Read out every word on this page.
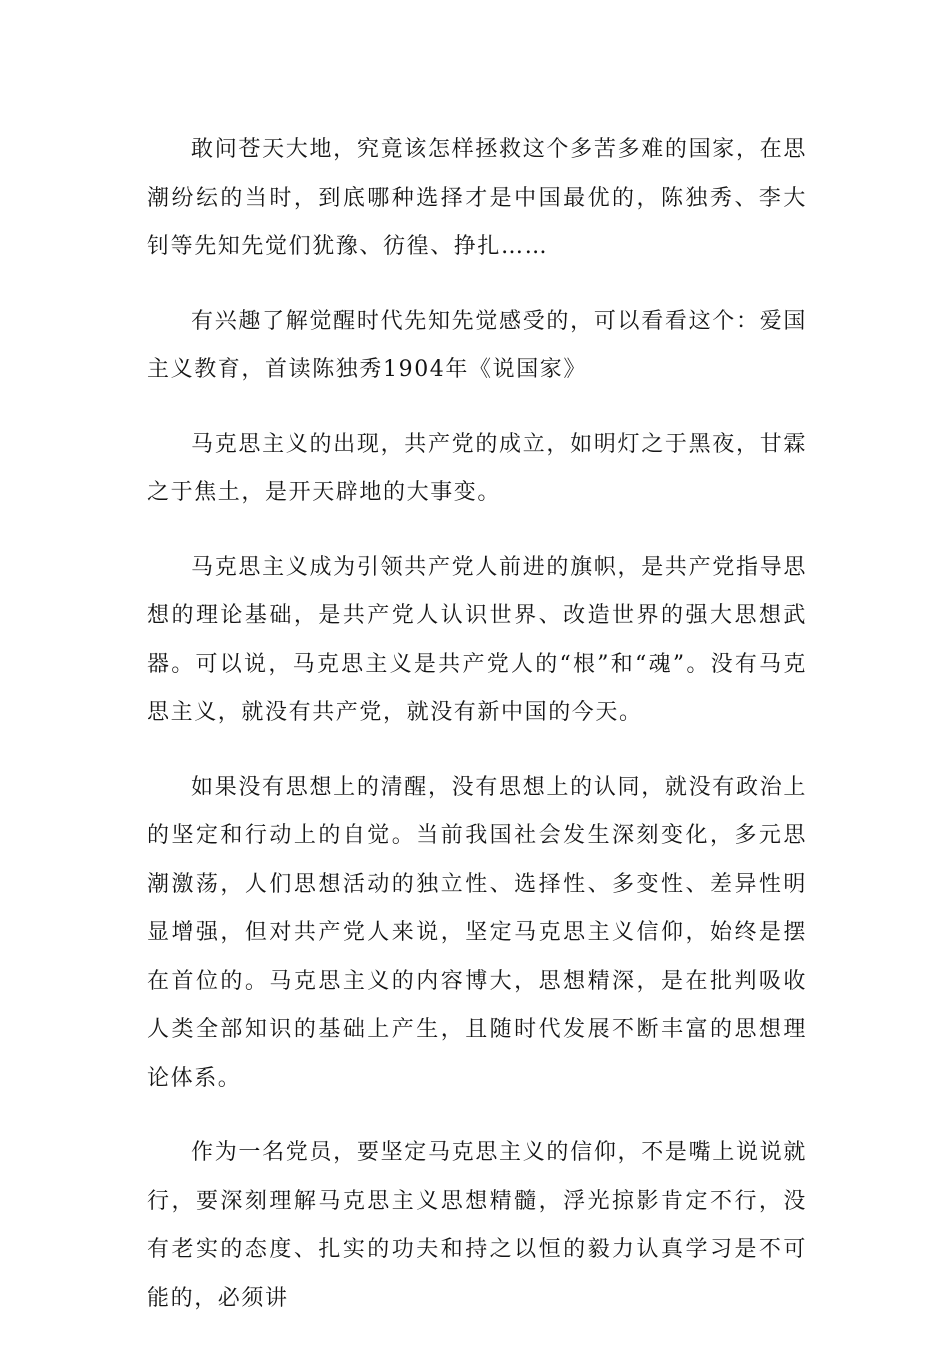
敢问苍天大地，究竟该怎样拯救这个多苦多难的国家，在思潮纷纭的当时，到底哪种选择才是中国最优的，陈独秀、李大钊等先知先觉们犹豫、彷徨、挣扎……

有兴趣了解觉醒时代先知先觉感受的，可以看看这个：爱国主义教育，首读陈独秀1904年《说国家》

马克思主义的出现，共产党的成立，如明灯之于黑夜，甘霖之于焦土，是开天辟地的大事变。

马克思主义成为引领共产党人前进的旗帜，是共产党指导思想的理论基础，是共产党人认识世界、改造世界的强大思想武器。可以说，马克思主义是共产党人的“根”和“魂”。没有马克思主义，就没有共产党，就没有新中国的今天。

如果没有思想上的清醒，没有思想上的认同，就没有政治上的坚定和行动上的自觉。当前我国社会发生深刻变化，多元思潮激荡，人们思想活动的独立性、选择性、多变性、差异性明显增强，但对共产党人来说，坚定马克思主义信仰，始终是摆在首位的。马克思主义的内容博大，思想精深，是在批判吸收人类全部知识的基础上产生，且随时代发展不断丰富的思想理论体系。

作为一名党员，要坚定马克思主义的信仰，不是嘴上说说就行，要深刻理解马克思主义思想精髓，浮光掠影肯定不行，没有老实的态度、扎实的功夫和持之以恒的毅力认真学习是不可能的，必须讲
